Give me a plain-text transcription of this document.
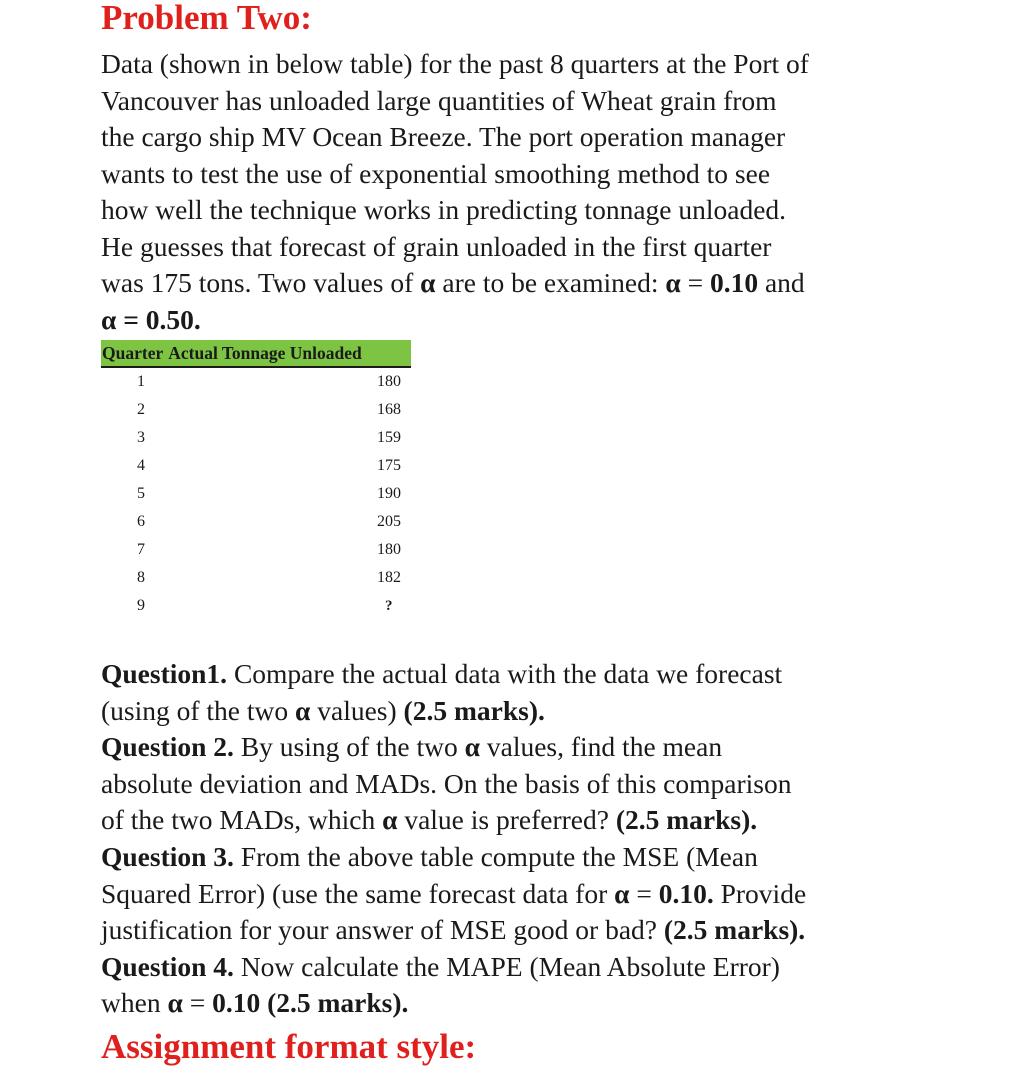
Problem Two:
Data (shown in below table) for the past 8 quarters at the Port of
Vancouver has unloaded large quantities of Wheat grain from
the cargo ship MV Ocean Breeze. The port operation manager
wants to test the use of exponential smoothing method to see
how well the technique works in predicting tonnage unloaded.
He guesses that forecast of grain unloaded in the first quarter
was 175 tons. Two values of α are to be examined: α = 0.10 and
α = 0.50.
Quarter Actual Tonnage Unloaded
1	180
2	168
3	159
4	175
5	190
6	205
7	180
8	182
9	?

Question1. Compare the actual data with the data we forecast

(using of the two α values) (2.5 marks).

Question 2. By using of the two α values, find the mean

absolute deviation and MADs. On the basis of this comparison

of the two MADs, which α value is preferred? (2.5 marks).

Question 3. From the above table compute the MSE (Mean

Squared Error) (use the same forecast data for α = 0.10. Provide

justification for your answer of MSE good or bad? (2.5 marks).

Question 4. Now calculate the MAPE (Mean Absolute Error)

when α = 0.10 (2.5 marks).

Assignment format style:
